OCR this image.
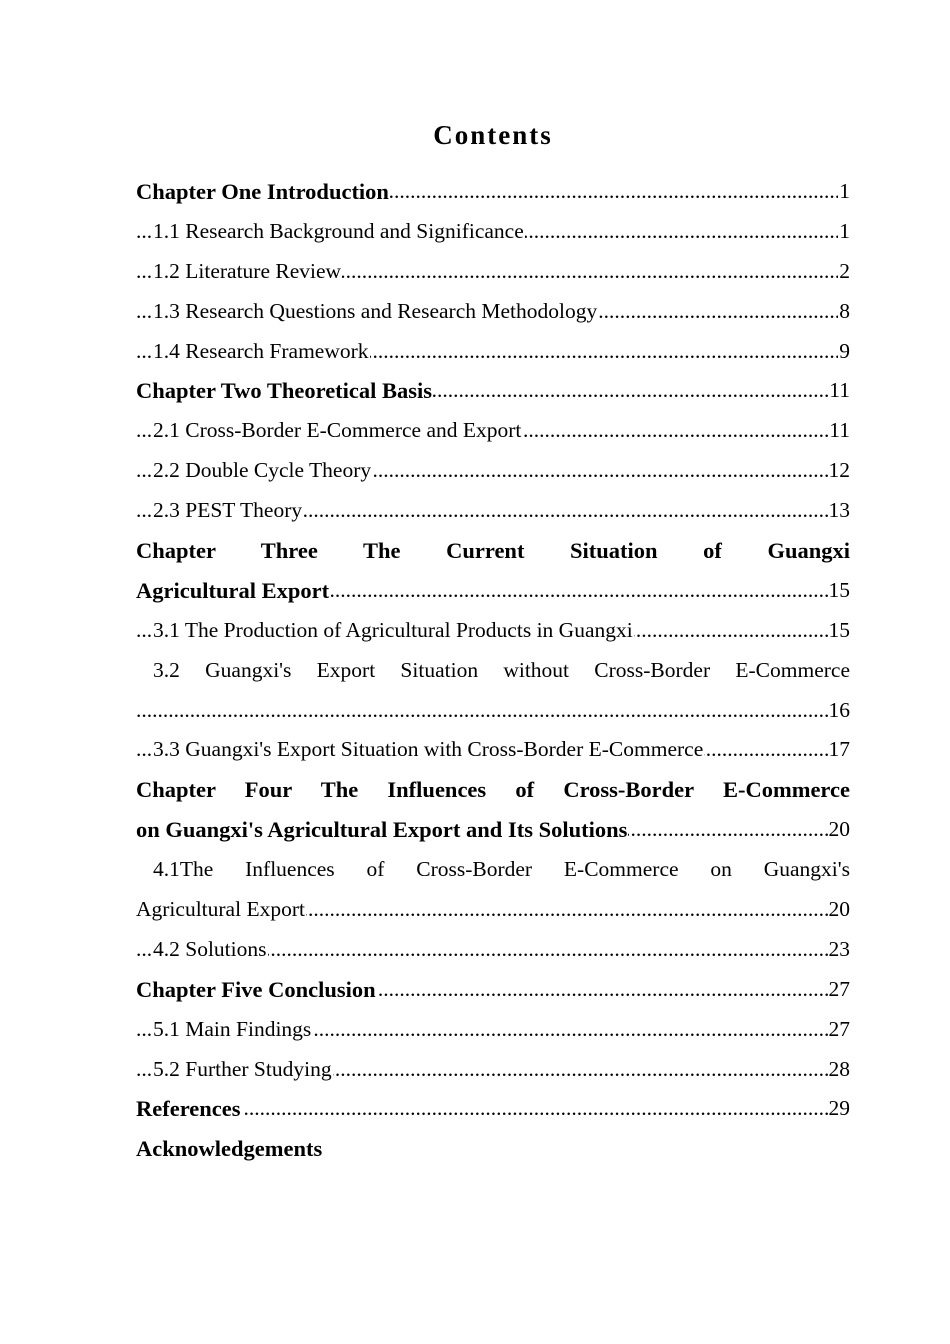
Contents
..... Chapter One Introduction	1
..... 1.1 Research Background and Significance	1
..... 1.2 Literature Review	2
..... 1.3 Research Questions and Research Methodology	8
..... 1.4 Research Framework	9
..... Chapter Two Theoretical Basis	11
..... 2.1 Cross-Border E-Commerce and Export	11
..... 2.2 Double Cycle Theory	12
..... 2.3 PEST Theory	13
Chapter Three The Current Situation of Guangxi
..... Agricultural Export	15
..... 3.1 The Production of Agricultural Products in Guangxi	15
3.2 Guangxi's Export Situation without Cross-Border E-Commerce
..... 16
..... 3.3 Guangxi's Export Situation with Cross-Border E-Commerce	17
Chapter Four The Influences of Cross-Border E-Commerce
..... on Guangxi's Agricultural Export and Its Solutions	20
4.1The Influences of Cross-Border E-Commerce on Guangxi's
..... Agricultural Export	20
..... 4.2 Solutions	23
..... Chapter Five Conclusion	27
..... 5.1 Main Findings	27
..... 5.2 Further Studying	28
..... References	29
Acknowledgements
